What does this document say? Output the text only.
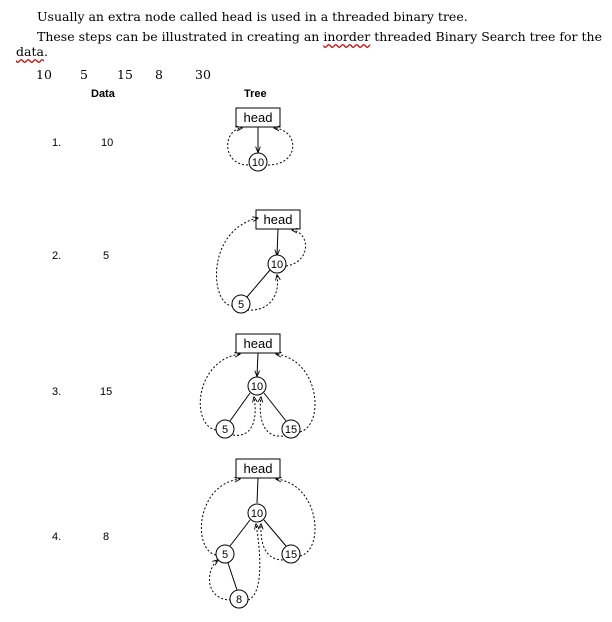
Usually an extra node called head is used in a threaded binary tree.
These steps can be illustrated in creating an inorder threaded Binary Search tree for the
data.
10 5 15 8	30
Data	Tree
1.	10
2.	5
3.	15
4.	8
head
10
head
10
5
head
10
5	15
head
10
5	15
8
